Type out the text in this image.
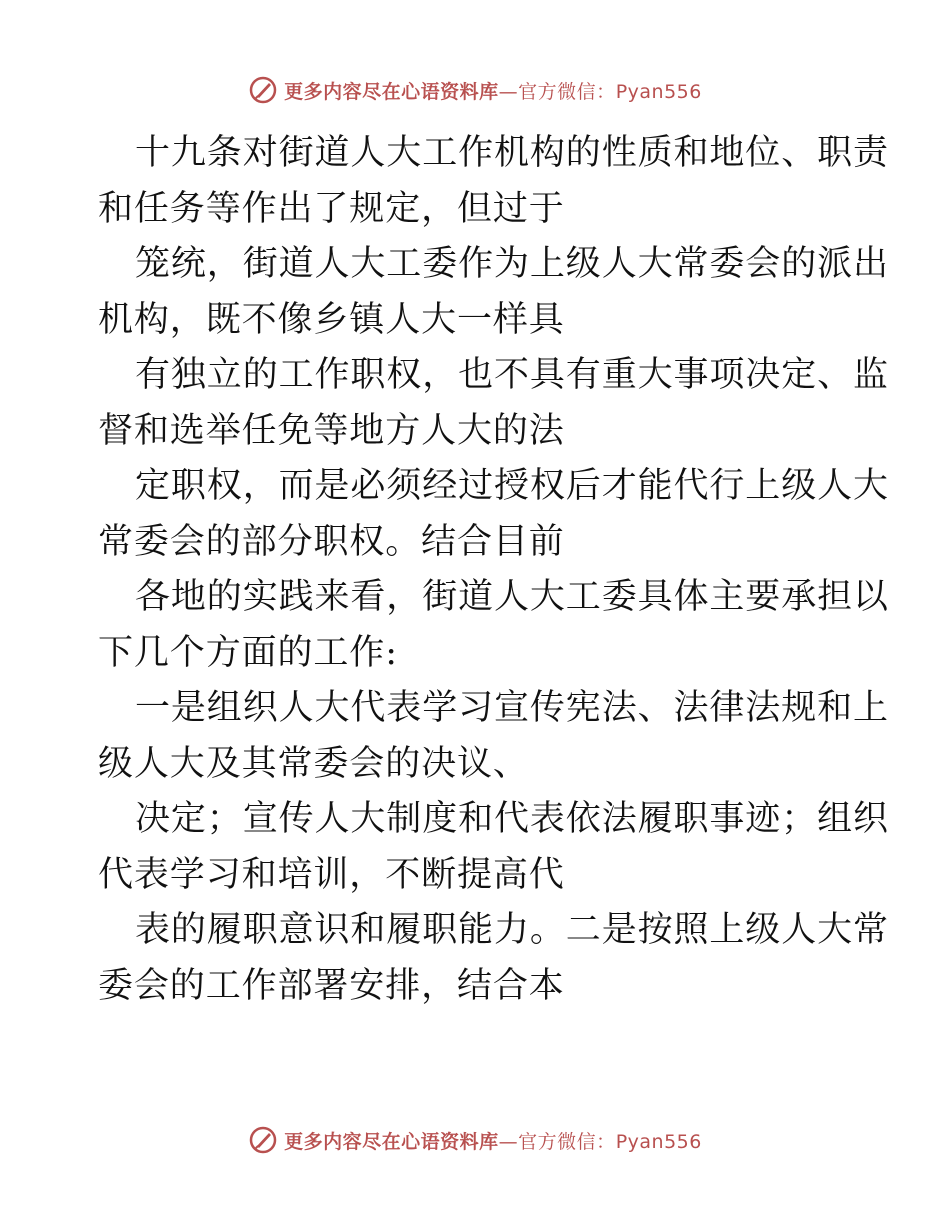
更多内容尽在心语资料库—官方微信：Pyan556

十九条对街道人大工作机构的性质和地位、职责
和任务等作出了规定，但过于
笼统，街道人大工委作为上级人大常委会的派出
机构，既不像乡镇人大一样具
有独立的工作职权，也不具有重大事项决定、监
督和选举任免等地方人大的法
定职权，而是必须经过授权后才能代行上级人大
常委会的部分职权。结合目前
各地的实践来看，街道人大工委具体主要承担以
下几个方面的工作:
一是组织人大代表学习宣传宪法、法律法规和上
级人大及其常委会的决议、
决定；宣传人大制度和代表依法履职事迹；组织
代表学习和培训，不断提高代
表的履职意识和履职能力。二是按照上级人大常
委会的工作部署安排，结合本

更多内容尽在心语资料库—官方微信：Pyan556
